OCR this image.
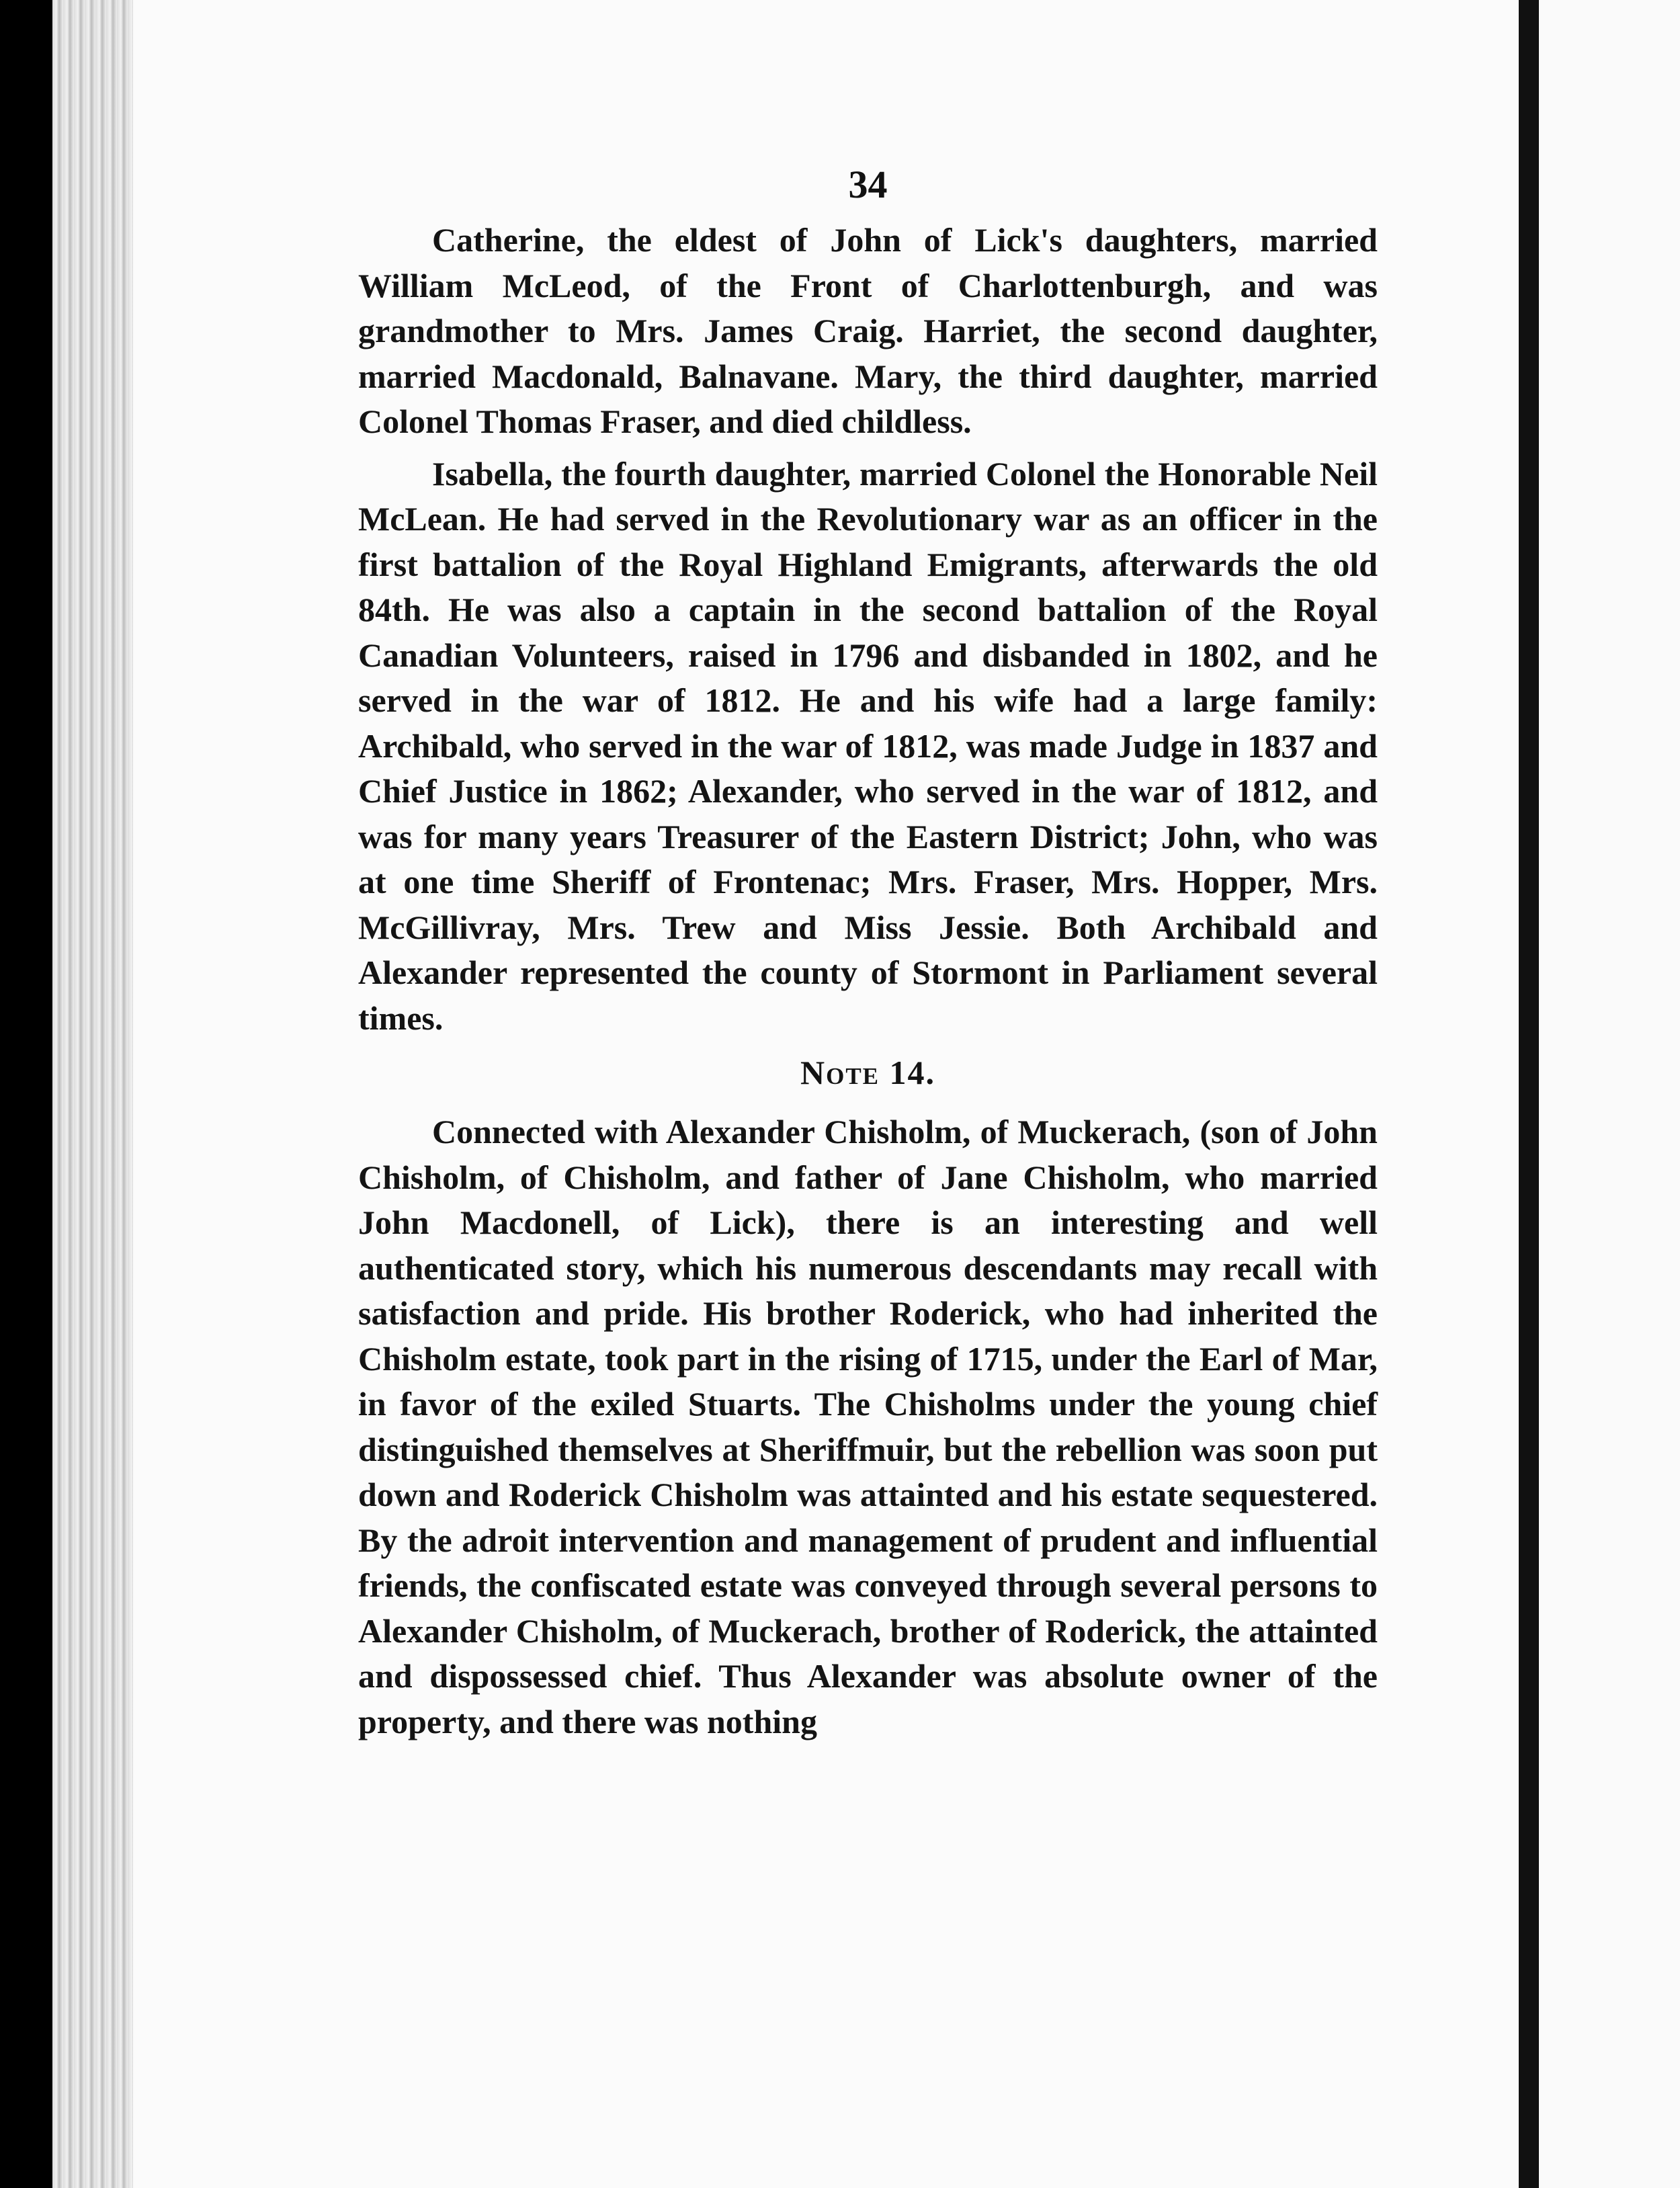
34

Catherine, the eldest of John of Lick's daughters, married William McLeod, of the Front of Charlottenburgh, and was grandmother to Mrs. James Craig. Harriet, the second daughter, married Macdonald, Balnavane. Mary, the third daughter, married Colonel Thomas Fraser, and died childless.

Isabella, the fourth daughter, married Colonel the Honorable Neil McLean. He had served in the Revolutionary war as an officer in the first battalion of the Royal Highland Emigrants, afterwards the old 84th. He was also a captain in the second battalion of the Royal Canadian Volunteers, raised in 1796 and disbanded in 1802, and he served in the war of 1812. He and his wife had a large family: Archibald, who served in the war of 1812, was made Judge in 1837 and Chief Justice in 1862; Alexander, who served in the war of 1812, and was for many years Treasurer of the Eastern District; John, who was at one time Sheriff of Frontenac; Mrs. Fraser, Mrs. Hopper, Mrs. McGillivray, Mrs. Trew and Miss Jessie. Both Archibald and Alexander represented the county of Stormont in Parliament several times.

Note 14.

Connected with Alexander Chisholm, of Muckerach, (son of John Chisholm, of Chisholm, and father of Jane Chisholm, who married John Macdonell, of Lick), there is an interesting and well authenticated story, which his numerous descendants may recall with satisfaction and pride. His brother Roderick, who had inherited the Chisholm estate, took part in the rising of 1715, under the Earl of Mar, in favor of the exiled Stuarts. The Chisholms under the young chief distinguished themselves at Sheriffmuir, but the rebellion was soon put down and Roderick Chisholm was attainted and his estate sequestered. By the adroit intervention and management of prudent and influential friends, the confiscated estate was conveyed through several persons to Alexander Chisholm, of Muckerach, brother of Roderick, the attainted and dispossessed chief. Thus Alexander was absolute owner of the property, and there was nothing
